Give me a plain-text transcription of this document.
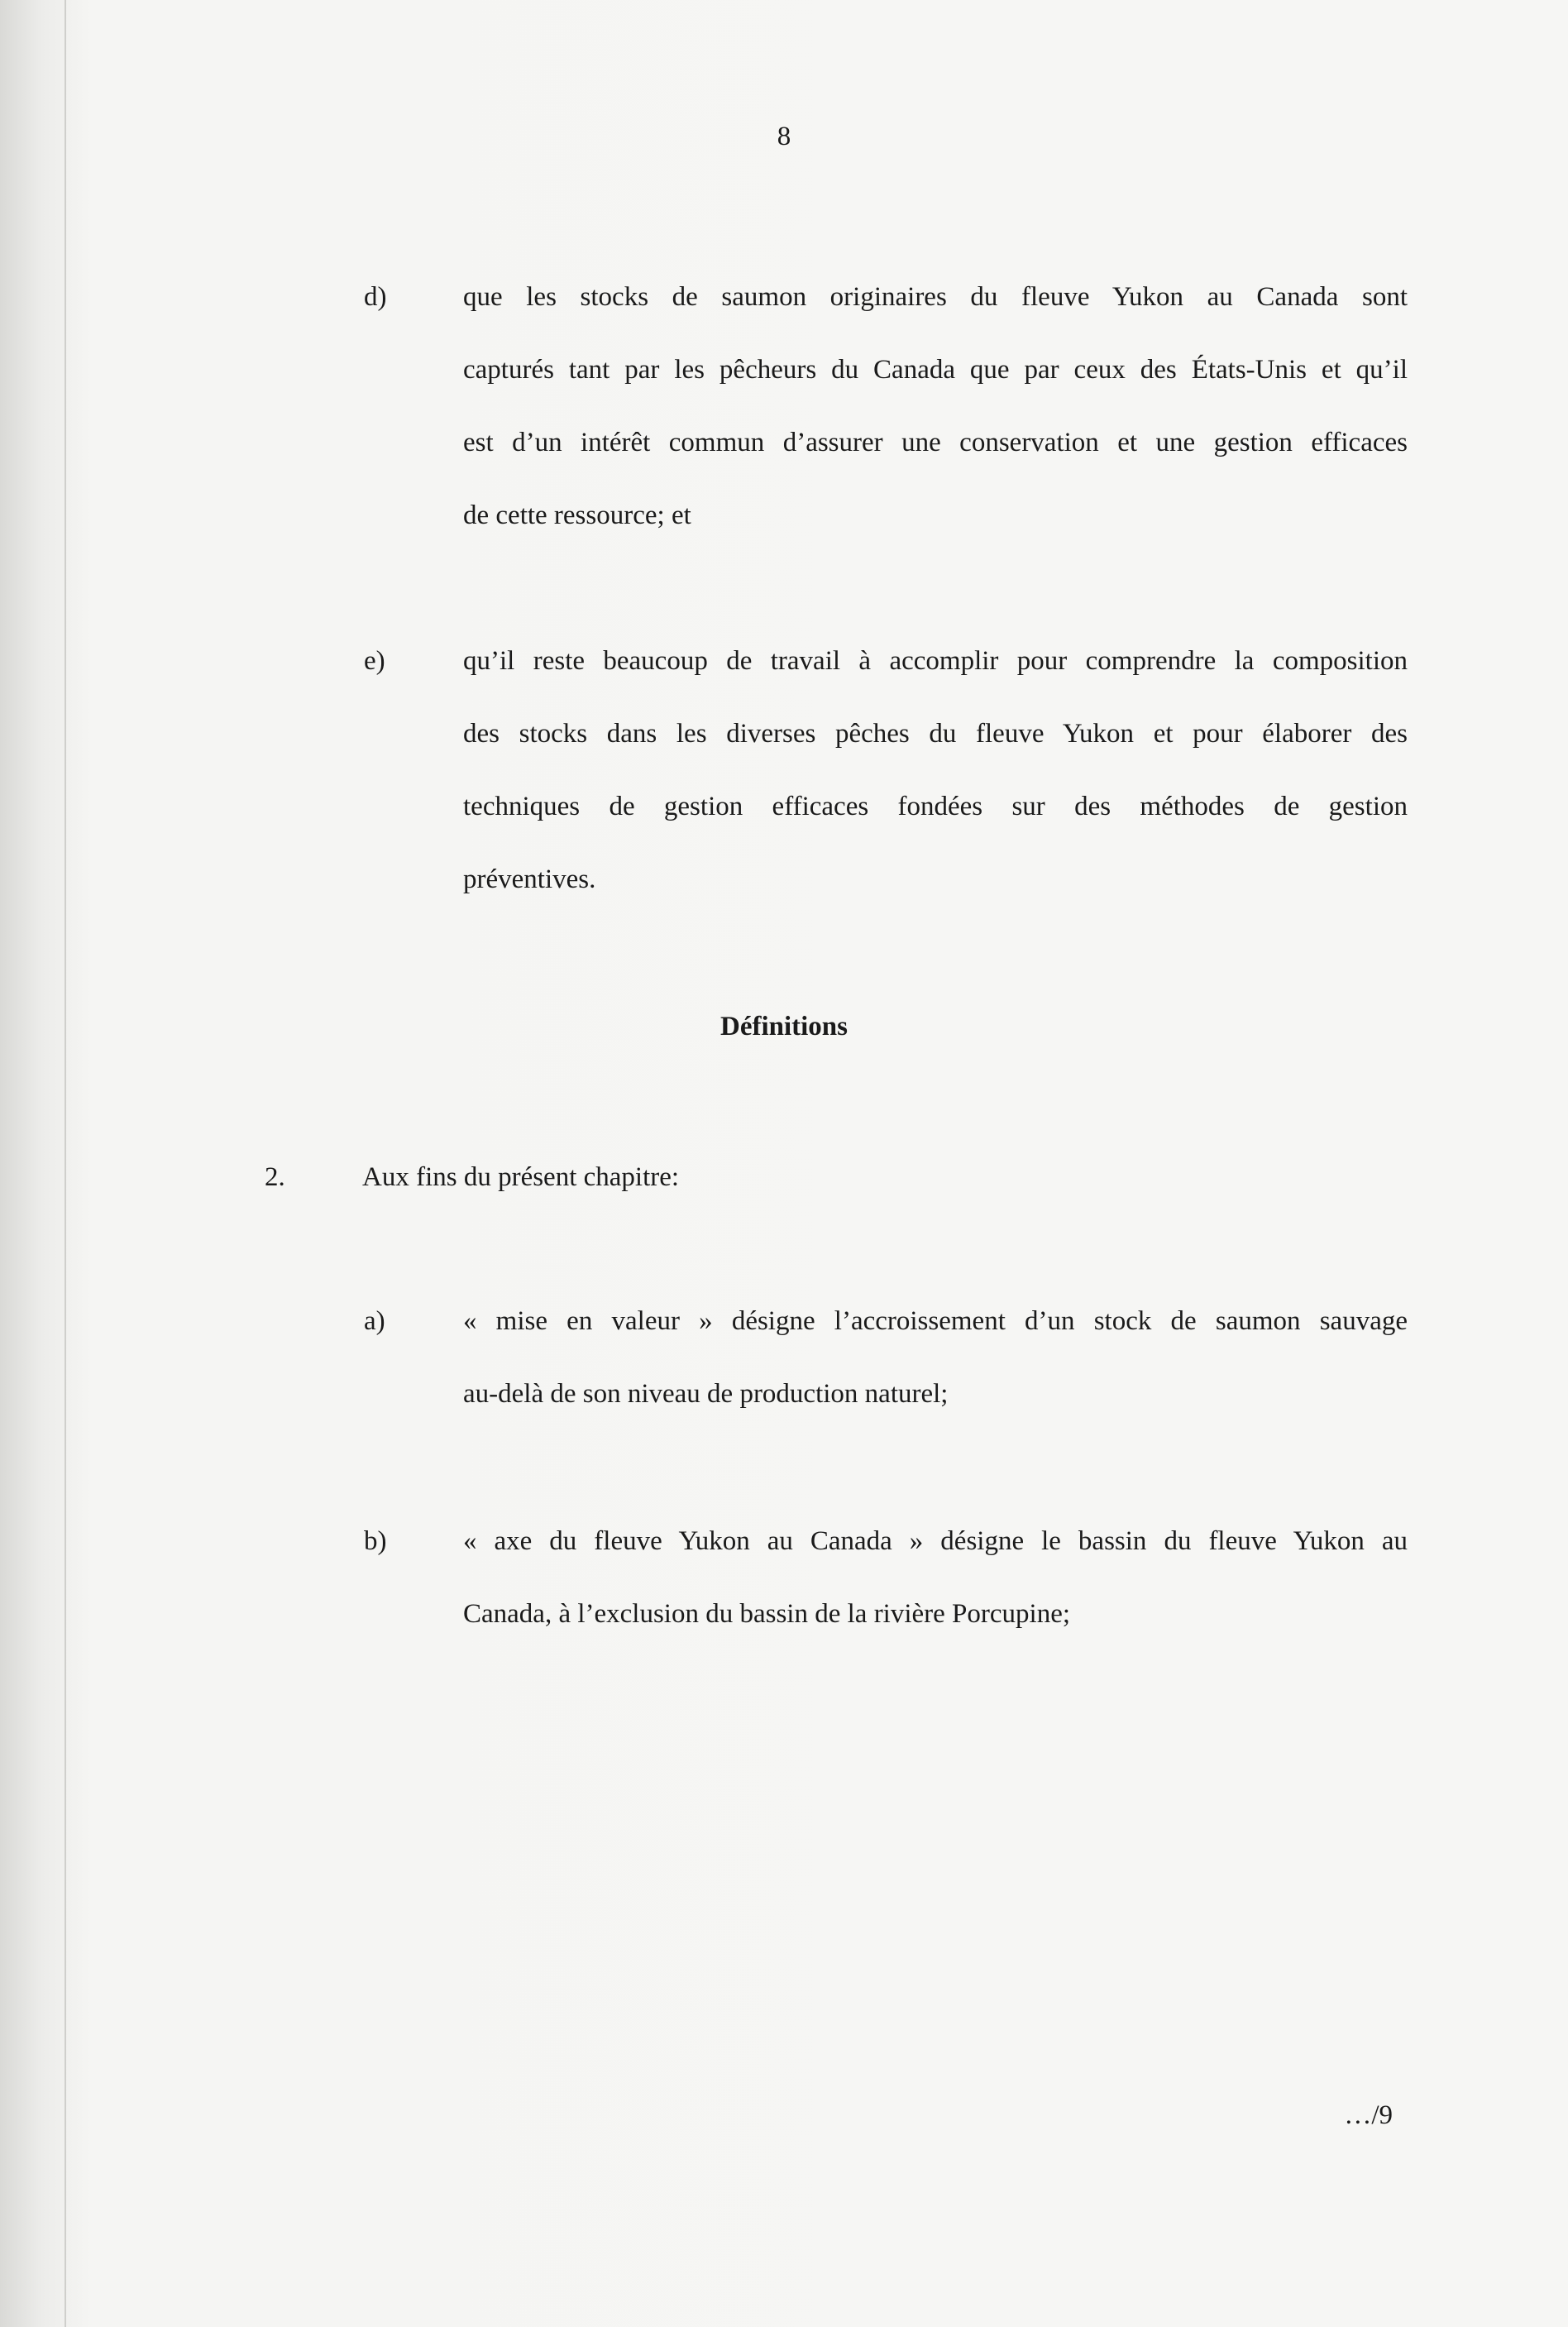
8
d)	que les stocks de saumon originaires du fleuve Yukon au Canada sont
capturés tant par les pêcheurs du Canada que par ceux des États-Unis et qu’il
est d’un intérêt commun d’assurer une conservation et une gestion efficaces
de cette ressource; et
e)	qu’il reste beaucoup de travail à accomplir pour comprendre la composition
des stocks dans les diverses pêches du fleuve Yukon et pour élaborer des
techniques de gestion efficaces fondées sur des méthodes de gestion
préventives.
Définitions
2.	Aux fins du présent chapitre:
a)	« mise en valeur » désigne l’accroissement d’un stock de saumon sauvage
au-delà de son niveau de production naturel;
b)	« axe du fleuve Yukon au Canada » désigne le bassin du fleuve Yukon au
Canada, à l’exclusion du bassin de la rivière Porcupine;
…/9
